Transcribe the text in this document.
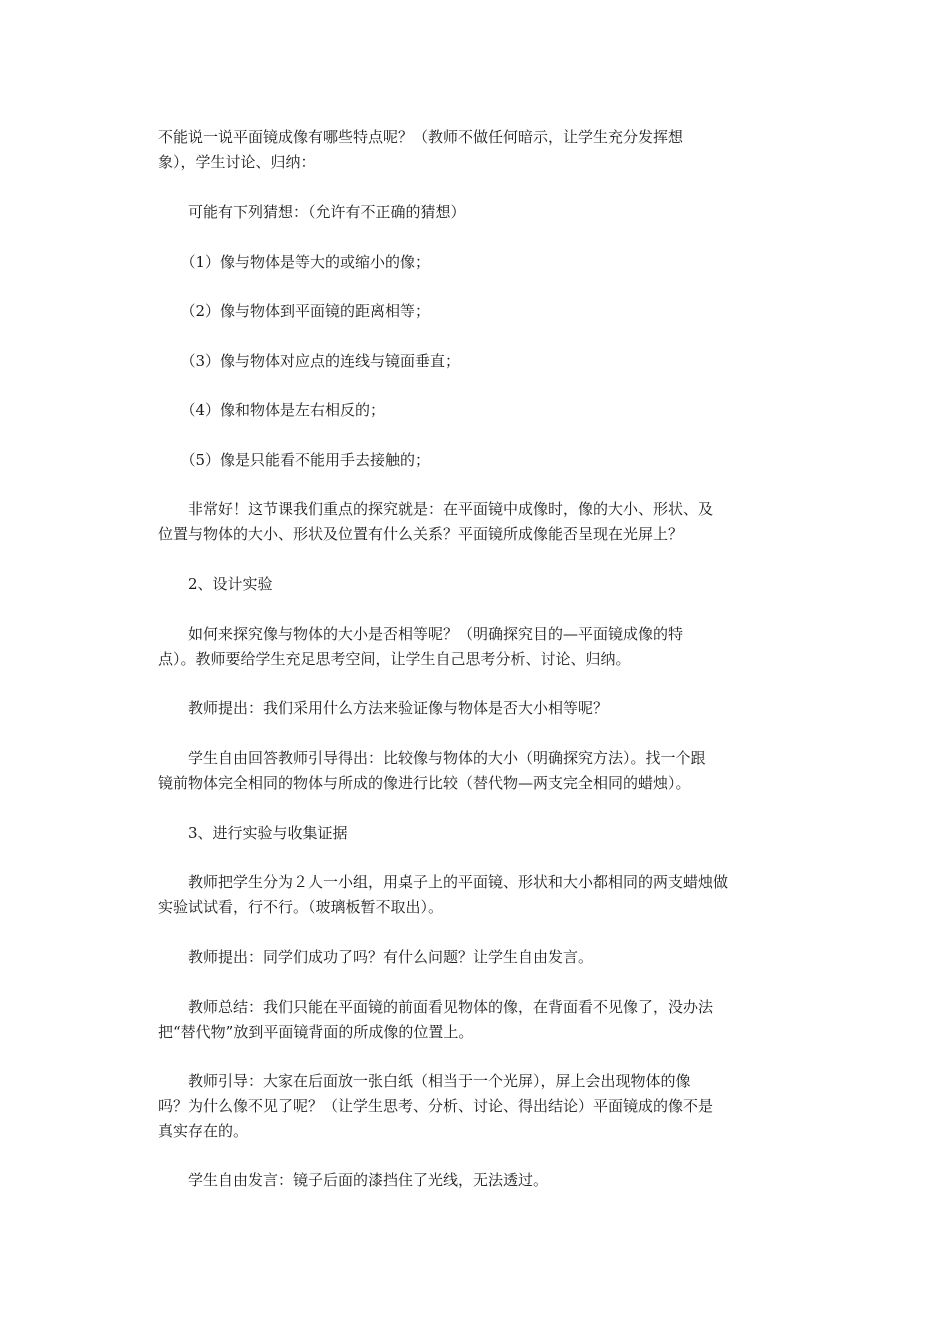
不能说一说平面镜成像有哪些特点呢？（教师不做任何暗示，让学生充分发挥想
象），学生讨论、归纳：

　　可能有下列猜想：（允许有不正确的猜想）

　　（1）像与物体是等大的或缩小的像；

　　（2）像与物体到平面镜的距离相等；

　　（3）像与物体对应点的连线与镜面垂直；

　　（4）像和物体是左右相反的；

　　（5）像是只能看不能用手去接触的；

　　非常好！这节课我们重点的探究就是：在平面镜中成像时，像的大小、形状、及
位置与物体的大小、形状及位置有什么关系？平面镜所成像能否呈现在光屏上？

　　2、设计实验

　　如何来探究像与物体的大小是否相等呢？（明确探究目的—平面镜成像的特
点）。教师要给学生充足思考空间，让学生自己思考分析、讨论、归纳。

　　教师提出：我们采用什么方法来验证像与物体是否大小相等呢？

　　学生自由回答教师引导得出：比较像与物体的大小（明确探究方法）。找一个跟
镜前物体完全相同的物体与所成的像进行比较（替代物—两支完全相同的蜡烛）。

　　3、进行实验与收集证据

　　教师把学生分为２人一小组，用桌子上的平面镜、形状和大小都相同的两支蜡烛做
实验试试看，行不行。（玻璃板暂不取出）。

　　教师提出：同学们成功了吗？有什么问题？让学生自由发言。

　　教师总结：我们只能在平面镜的前面看见物体的像，在背面看不见像了，没办法
把“替代物”放到平面镜背面的所成像的位置上。

　　教师引导：大家在后面放一张白纸（相当于一个光屏），屏上会出现物体的像
吗？为什么像不见了呢？（让学生思考、分析、讨论、得出结论）平面镜成的像不是
真实存在的。

　　学生自由发言：镜子后面的漆挡住了光线，无法透过。
